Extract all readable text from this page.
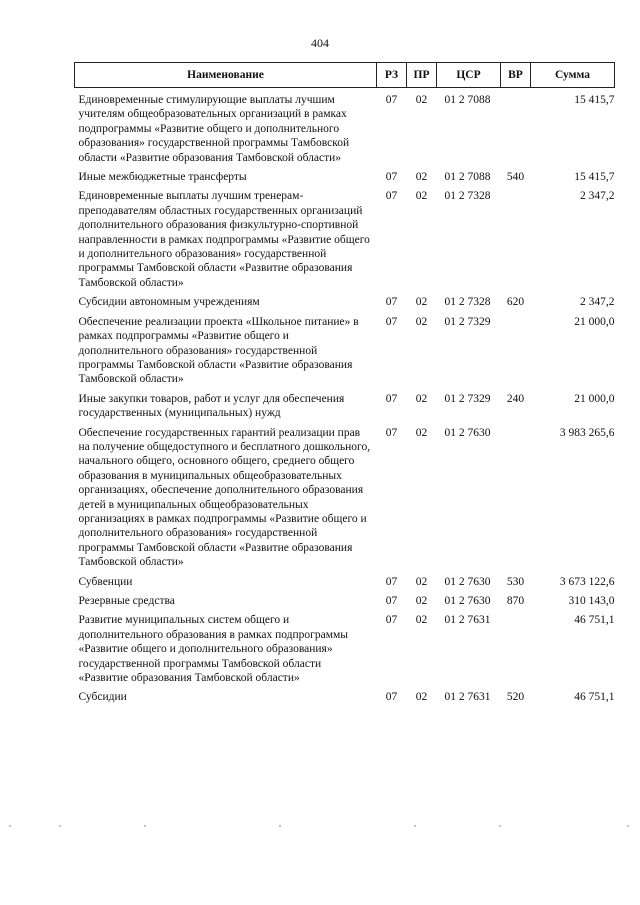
404
Наименование	РЗ	ПР	ЦСР	ВР	Сумма
Единовременные стимулирующие выплаты лучшим учителям общеобразовательных организаций в рамках подпрограммы «Развитие общего и дополнительного образования» государственной программы Тамбовской области «Развитие образования Тамбовской области»	07	02	01 2 7088		15 415,7
Иные межбюджетные трансферты	07	02	01 2 7088	540	15 415,7
Единовременные выплаты лучшим тренерам-преподавателям областных государственных организаций дополнительного образования физкультурно-спортивной направленности в рамках подпрограммы «Развитие общего и дополнительного образования» государственной программы Тамбовской области «Развитие образования Тамбовской области»	07	02	01 2 7328		2 347,2
Субсидии автономным учреждениям	07	02	01 2 7328	620	2 347,2
Обеспечение реализации проекта «Школьное питание» в рамках подпрограммы «Развитие общего и дополнительного образования» государственной программы Тамбовской области «Развитие образования Тамбовской области»	07	02	01 2 7329		21 000,0
Иные закупки товаров, работ и услуг для обеспечения государственных (муниципальных) нужд	07	02	01 2 7329	240	21 000,0
Обеспечение государственных гарантий реализации прав на получение общедоступного и бесплатного дошкольного, начального общего, основного общего, среднего общего образования в муниципальных общеобразовательных организациях, обеспечение дополнительного образования детей в муниципальных общеобразовательных организациях в рамках подпрограммы «Развитие общего и дополнительного образования» государственной программы Тамбовской области «Развитие образования Тамбовской области»	07	02	01 2 7630		3 983 265,6
Субвенции	07	02	01 2 7630	530	3 673 122,6
Резервные средства	07	02	01 2 7630	870	310 143,0
Развитие муниципальных систем общего и дополнительного образования в рамках подпрограммы «Развитие общего и дополнительного образования» государственной программы Тамбовской области «Развитие образования Тамбовской области»	07	02	01 2 7631		46 751,1
Субсидии	07	02	01 2 7631	520	46 751,1
